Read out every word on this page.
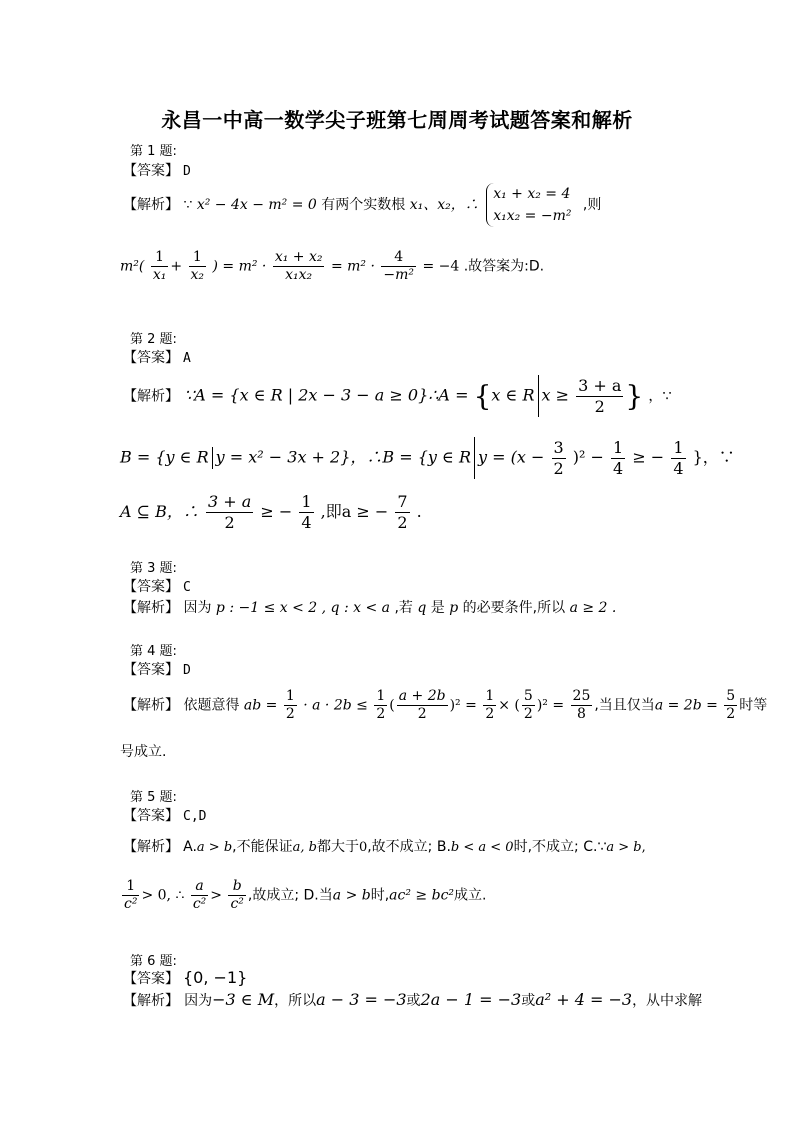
永昌一中高一数学尖子班第七周周考试题答案和解析
第 1 题:
【答案】 D
【解析】 ∵ x² − 4x − m² = 0 有两个实数根 x₁、x₂，∴
x₁ + x₂ = 4
x₁x₂ = −m²
,则
$m^2( \frac{1}{\text{x₁}} + \frac{1}{\text{x₂}}$ ) = $m^2 \cdot \frac{\text{x₁ + x₂}}{\text{x₁x₂}} = m^2 \cdot \frac{4}{\text{−m²}} = -4$ .故答案为:D.
第 2 题:
【答案】 A
【解析】 ∵A = {x ∈ R | 2x − 3 − a ≥ 0}∴A = {x ∈ R $x \ge \frac{3 + a}{2}$ } ，∵
B = {y ∈ R y = x² − 3x + 2}，∴B = {y ∈ R $y = (x - \frac{3}{2} )^2 - \frac{1}{4}$ ≥ − $\frac{1}{4}$ }，∵
A ⊆ B，∴ $\frac{3 + a}{2}$ ≥ − $\frac{1}{4}$ ,即a ≥ − $\frac{7}{2}$ .
第 3 题:
【答案】 C
【解析】 因为 p : −1 ≤ x < 2 , q : x < a ,若 q 是 p 的必要条件,所以 a ≥ 2 .
第 4 题:
【答案】 D
【解析】 依题意得 ab = $\frac{1}{2} \cdot a \cdot 2b \le \frac{1}{2}$ ( $\frac{a + 2b}{2} )^2 = \frac{1}{2}$ × ( $\frac{5}{2} )^2 = \frac{25}{8}$ ,当且仅当$a = 2b = \frac{5}{2}$ 时等
号成立.
第 5 题:
【答案】 C,D
【解析】 A.a > b,不能保证a, b都大于0,故不成立; B.b < a < 0时,不成立; C.∵a > b,
$\frac{1}{\text{c²}} > 0$, ∴ $\frac{a}{\text{c²}} > \frac{b}{\text{c²}}$ ,故成立; D.当a > b时,ac² ≥ bc²成立.
第 6 题:
【答案】 {0, −1}
【解析】 因为−3 ∈ M，所以a − 3 = −3或2a − 1 = −3或a² + 4 = −3，从中求解
